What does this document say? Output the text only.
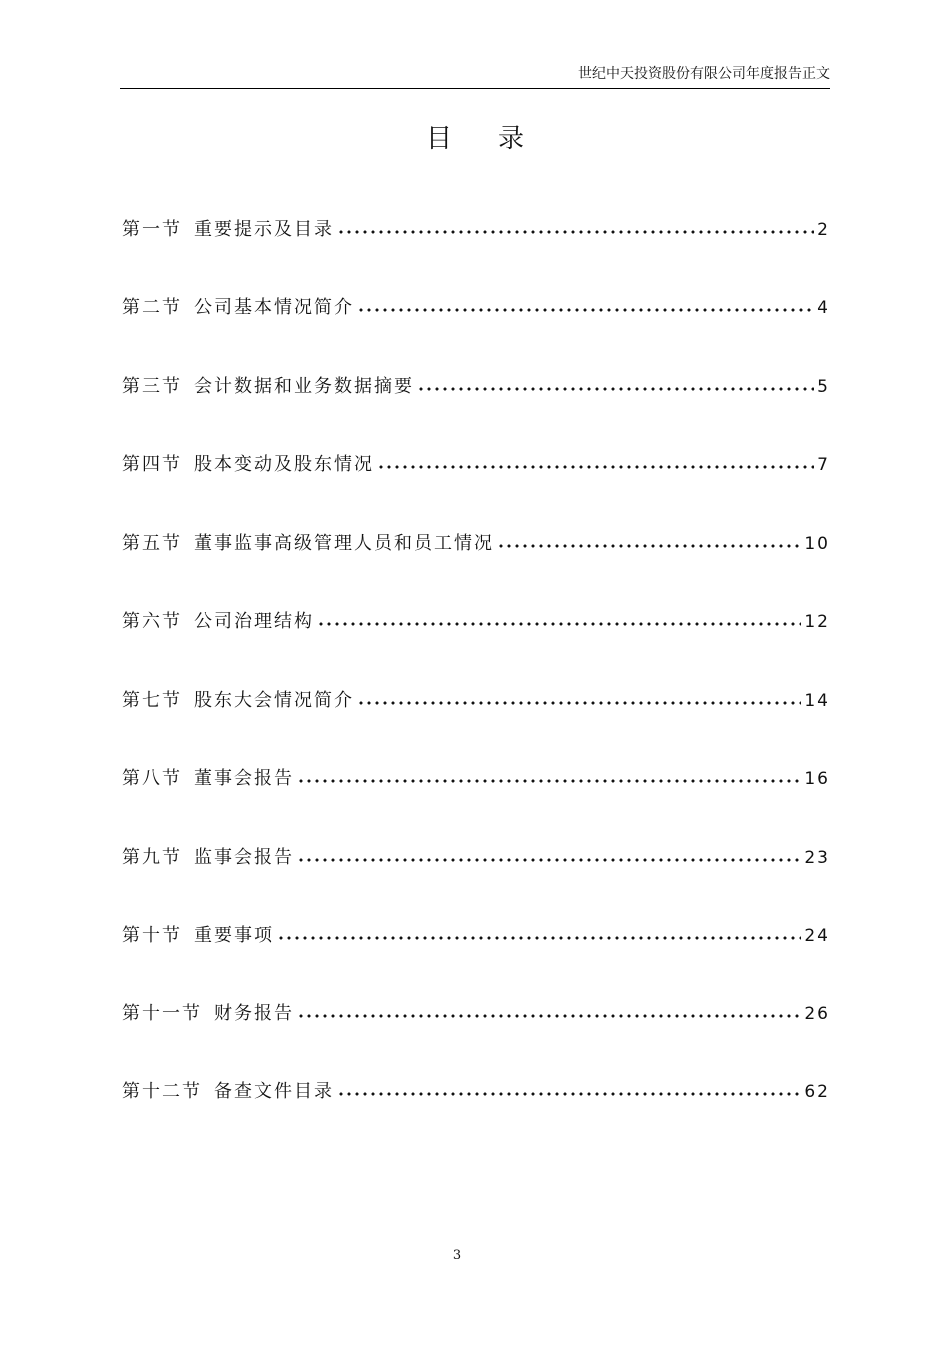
世纪中天投资股份有限公司年度报告正文
目录
第一节 重要提示及目录	2
第二节 公司基本情况简介	4
第三节 会计数据和业务数据摘要	5
第四节 股本变动及股东情况	7
第五节 董事监事高级管理人员和员工情况	10
第六节 公司治理结构	12
第七节 股东大会情况简介	14
第八节 董事会报告	16
第九节 监事会报告	23
第十节 重要事项	24
第十一节 财务报告	26
第十二节 备查文件目录	62
3
